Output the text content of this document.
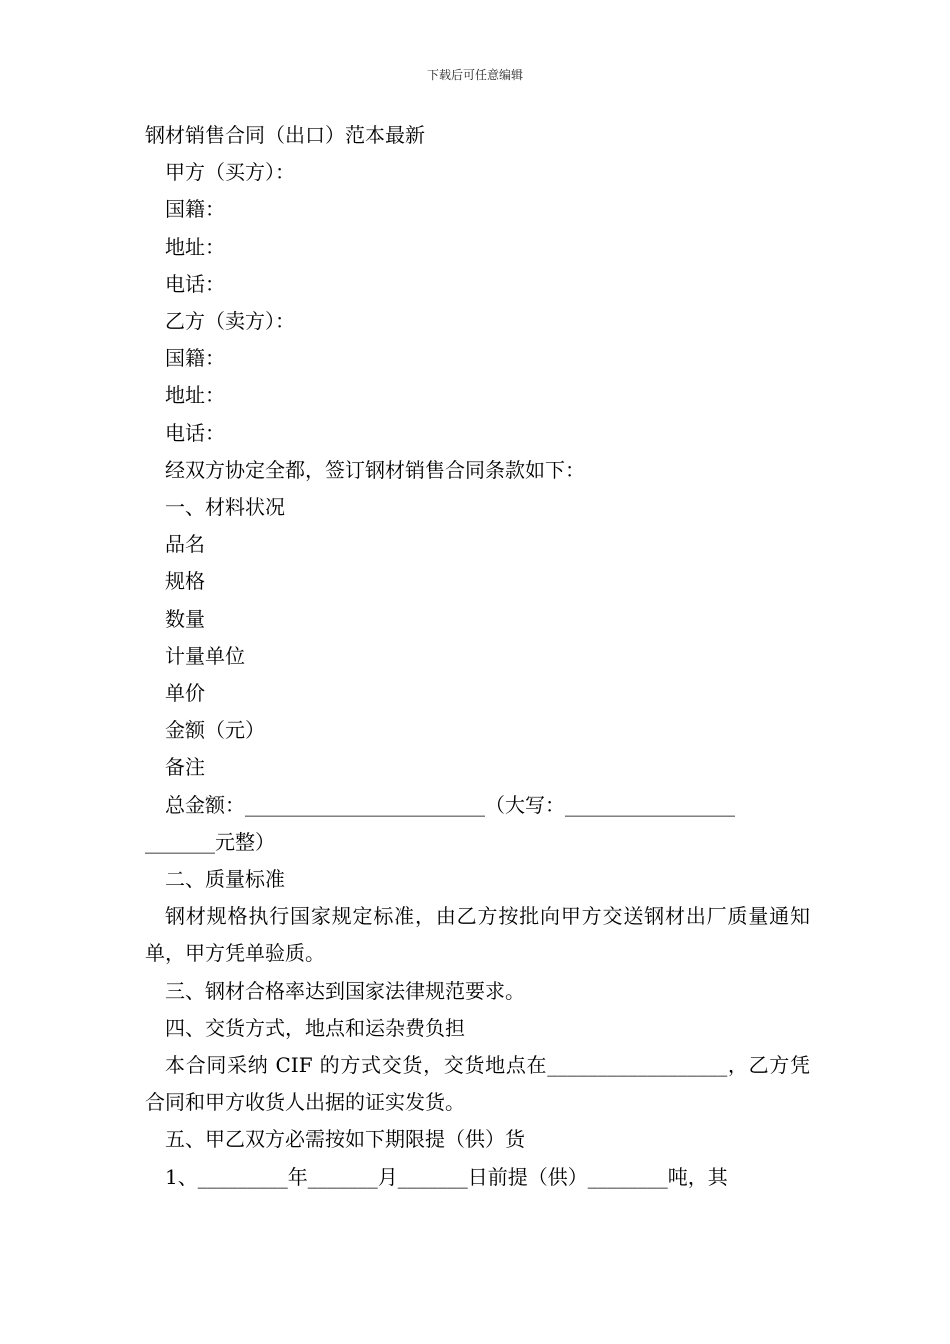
下载后可任意编辑
钢材销售合同（出口）范本最新
甲方（买方）：
国籍：
地址：
电话：
乙方（卖方）：
国籍：
地址：
电话：
经双方协定全都，签订钢材销售合同条款如下：
一、材料状况
品名
规格
数量
计量单位
单价
金额（元）
备注
总金额：________________________（大写：_________________
_______元整）
二、质量标准
钢材规格执行国家规定标准，由乙方按批向甲方交送钢材出厂质量通知单，甲方凭单验质。
三、钢材合格率达到国家法律规范要求。
四、交货方式，地点和运杂费负担
本合同采纳 CIF 的方式交货，交货地点在__________________，乙方凭合同和甲方收货人出据的证实发货。
五、甲乙双方必需按如下期限提（供）货
1、_________年_______月_______日前提（供）________吨，其
